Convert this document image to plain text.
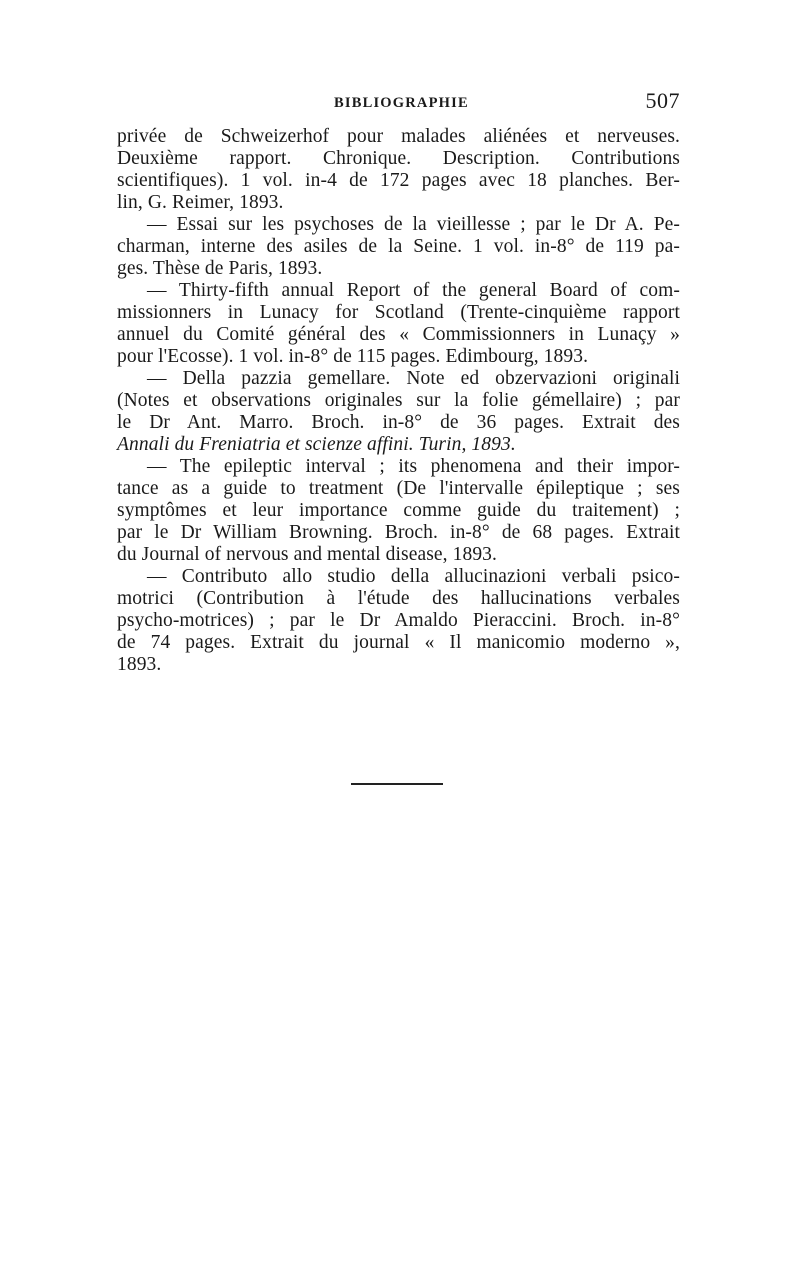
BIBLIOGRAPHIE	507
privée de Schweizerhof pour malades aliénées et nerveuses.
Deuxième rapport. Chronique. Description. Contributions
scientifiques). 1 vol. in-4 de 172 pages avec 18 planches. Ber-
lin, G. Reimer, 1893.
— Essai sur les psychoses de la vieillesse ; par le Dr A. Pe-
charman, interne des asiles de la Seine. 1 vol. in-8° de 119 pa-
ges. Thèse de Paris, 1893.
— Thirty-fifth annual Report of the general Board of com-
missionners in Lunacy for Scotland (Trente-cinquième rapport
annuel du Comité général des « Commissionners in Lunaçy »
pour l'Ecosse). 1 vol. in-8° de 115 pages. Edimbourg, 1893.
— Della pazzia gemellare. Note ed obzervazioni originali
(Notes et observations originales sur la folie gémellaire) ; par
le Dr Ant. Marro. Broch. in-8° de 36 pages. Extrait des
Annali du Freniatria et scienze affini. Turin, 1893.
— The epileptic interval ; its phenomena and their impor-
tance as a guide to treatment (De l'intervalle épileptique ; ses
symptômes et leur importance comme guide du traitement) ;
par le Dr William Browning. Broch. in-8° de 68 pages. Extrait
du Journal of nervous and mental disease, 1893.
— Contributo allo studio della allucinazioni verbali psico-
motrici (Contribution à l'étude des hallucinations verbales
psycho-motrices) ; par le Dr Amaldo Pieraccini. Broch. in-8°
de 74 pages. Extrait du journal « Il manicomio moderno »,
1893.
